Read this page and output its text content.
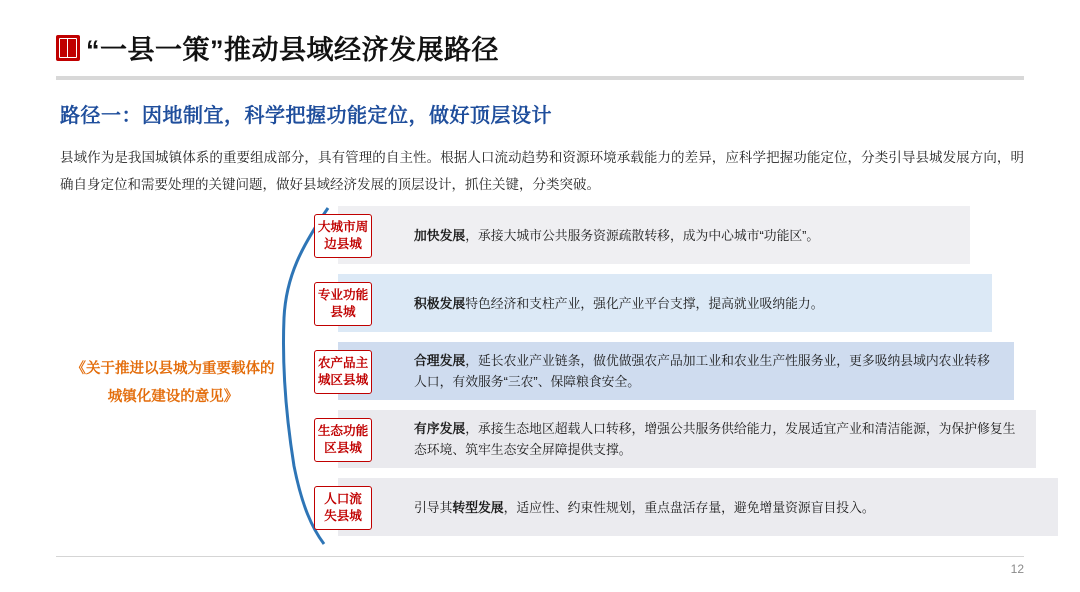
“一县一策”推动县域经济发展路径
路径一：因地制宜，科学把握功能定位，做好顶层设计
县域作为是我国城镇体系的重要组成部分，具有管理的自主性。根据人口流动趋势和资源环境承载能力的差异，应科学把握功能定位，分类引导县城发展方向，明确自身定位和需要处理的关键问题，做好县域经济发展的顶层设计，抓住关键，分类突破。
《关于推进以县城为重要载体的城镇化建设的意见》
加快发展，承接大城市公共服务资源疏散转移，成为中心城市“功能区”。
大城市周
边县城
积极发展特色经济和支柱产业，强化产业平台支撑，提高就业吸纳能力。
专业功能
县城
合理发展，延长农业产业链条，做优做强农产品加工业和农业生产性服务业，更多吸纳县域内农业转移人口，有效服务“三农”、保障粮食安全。
农产品主
城区县城
有序发展，承接生态地区超载人口转移，增强公共服务供给能力，发展适宜产业和清洁能源，为保护修复生态环境、筑牢生态安全屏障提供支撑。
生态功能
区县城
引导其转型发展，适应性、约束性规划，重点盘活存量，避免增量资源盲目投入。
人口流
失县城
12
